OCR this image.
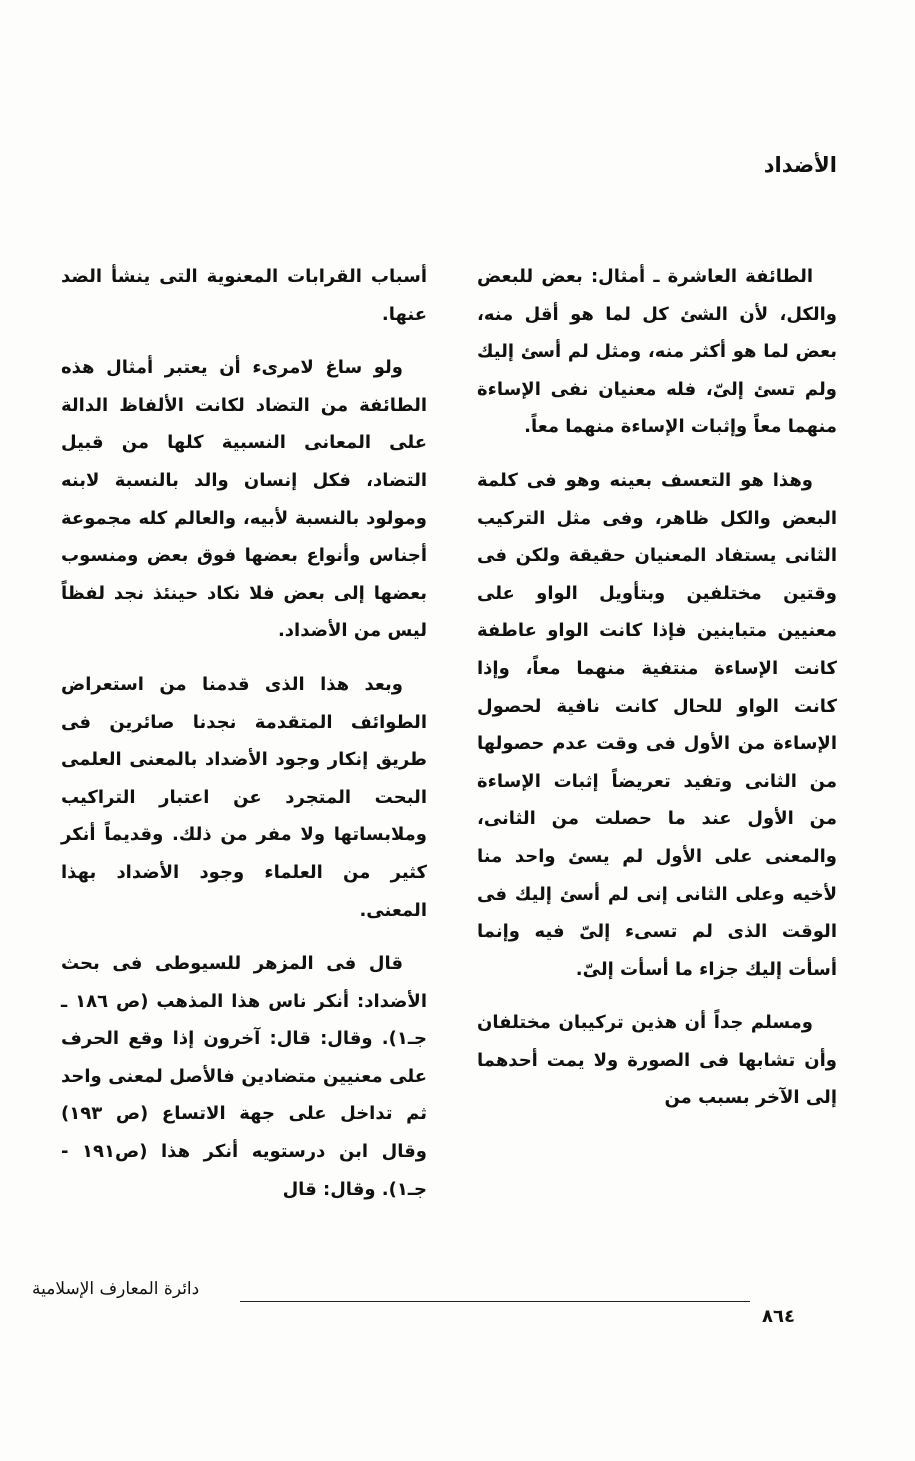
الأضداد

الطائفة العاشرة ـ أمثال: بعض للبعض والكل، لأن الشئ كل لما هو أقل منه، بعض لما هو أكثر منه، ومثل لم أسئ إليك ولم تسئ إلىّ، فله معنيان نفى الإساءة منهما معاً وإثبات الإساءة منهما معاً.

وهذا هو التعسف بعينه وهو فى كلمة البعض والكل ظاهر، وفى مثل التركيب الثانى يستفاد المعنيان حقيقة ولكن فى وقتين مختلفين وبتأويل الواو على معنيين متباينين فإذا كانت الواو عاطفة كانت الإساءة منتفية منهما معاً، وإذا كانت الواو للحال كانت نافية لحصول الإساءة من الأول فى وقت عدم حصولها من الثانى وتفيد تعريضاً إثبات الإساءة من الأول عند ما حصلت من الثانى، والمعنى على الأول لم يسئ واحد منا لأخيه وعلى الثانى إنى لم أسئ إليك فى الوقت الذى لم تسىء إلىّ فيه وإنما أسأت إليك جزاء ما أسأت إلىّ.

ومسلم جداً أن هذين تركيبان مختلفان وأن تشابها فى الصورة ولا يمت أحدهما إلى الآخر بسبب من

أسباب القرابات المعنوية التى ينشأ الضد عنها.

ولو ساغ لامرىء أن يعتبر أمثال هذه الطائفة من التضاد لكانت الألفاظ الدالة على المعانى النسبية كلها من قبيل التضاد، فكل إنسان والد بالنسبة لابنه ومولود بالنسبة لأبيه، والعالم كله مجموعة أجناس وأنواع بعضها فوق بعض ومنسوب بعضها إلى بعض فلا نكاد حينئذ نجد لفظاً ليس من الأضداد.

وبعد هذا الذى قدمنا من استعراض الطوائف المتقدمة نجدنا صائرين فى طريق إنكار وجود الأضداد بالمعنى العلمى البحت المتجرد عن اعتبار التراكيب وملابساتها ولا مفر من ذلك. وقديماً أنكر كثير من العلماء وجود الأضداد بهذا المعنى.

قال فى المزهر للسيوطى فى بحث الأضداد: أنكر ناس هذا المذهب (ص ١٨٦ ـ جـ١). وقال: قال: آخرون إذا وقع الحرف على معنيين متضادين فالأصل لمعنى واحد ثم تداخل على جهة الاتساع (ص ١٩٣) وقال ابن درستويه أنكر هذا (ص١٩١ - جـ١). وقال: قال

دائرة المعارف الإسلامية
٨٦٤
